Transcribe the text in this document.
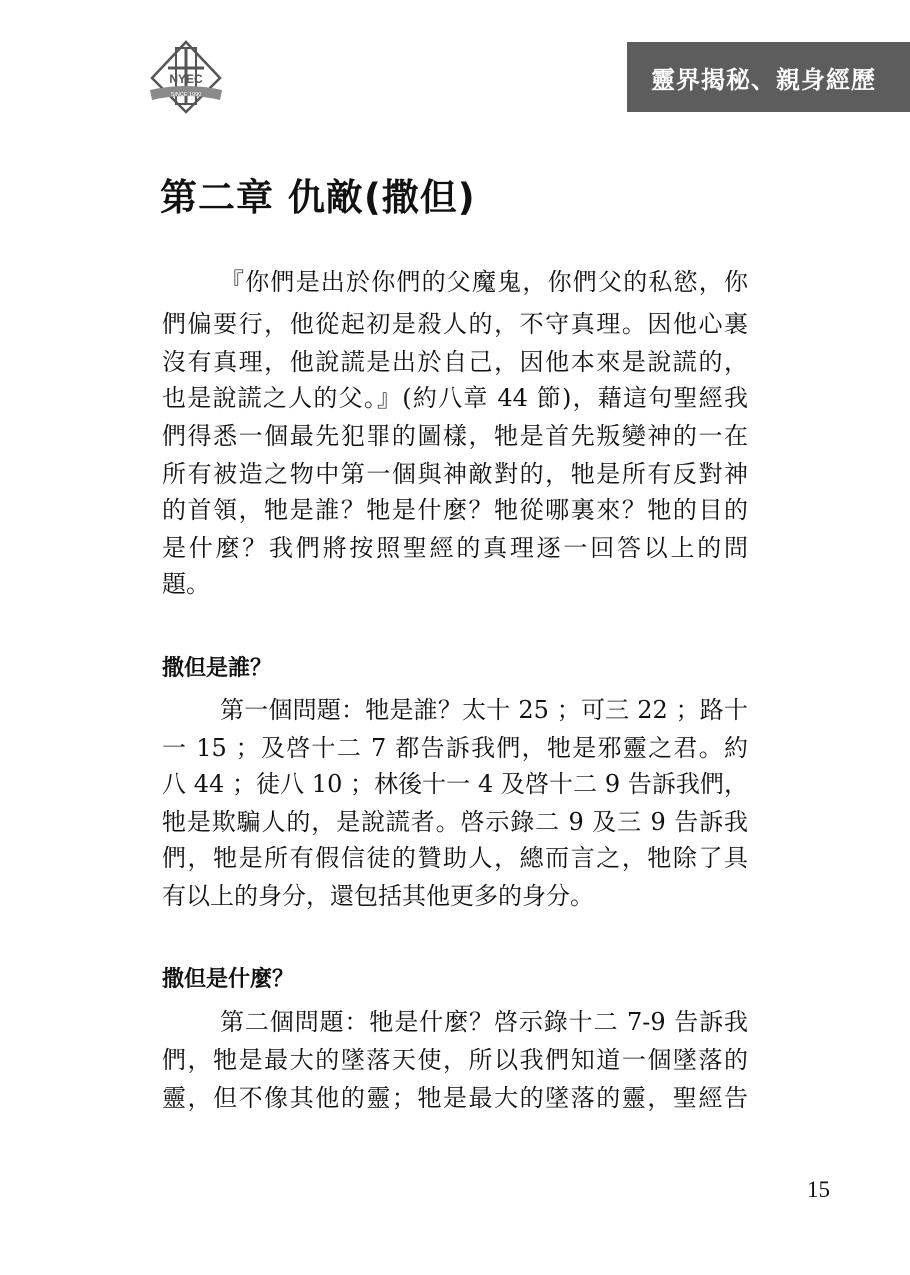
NYEC
SINCE 1990
靈界揭秘、親身經歷
第二章 仇敵(撒但)
『你們是出於你們的父魔鬼，你們父的私慾，你
們偏要行，他從起初是殺人的，不守真理。因他心裏
沒有真理，他說謊是出於自己，因他本來是說謊的，
也是說謊之人的父。』(約八章 44 節)，藉這句聖經我
們得悉一個最先犯罪的圖樣，牠是首先叛變神的一在
所有被造之物中第一個與神敵對的，牠是所有反對神
的首領，牠是誰？牠是什麼？牠從哪裏來？牠的目的
是什麼？我們將按照聖經的真理逐一回答以上的問
題。
撒但是誰？
第一個問題：牠是誰？太十 25 ；可三 22 ；路十
一 15 ；及啓十二 7 都告訴我們，牠是邪靈之君。約
八 44 ；徒八 10 ；林後十一 4 及啓十二 9 告訴我們，
牠是欺騙人的，是說謊者。啓示錄二 9 及三 9 告訴我
們，牠是所有假信徒的贊助人，總而言之，牠除了具
有以上的身分，還包括其他更多的身分。
撒但是什麼？
第二個問題：牠是什麼？啓示錄十二 7-9 告訴我
們，牠是最大的墜落天使，所以我們知道一個墜落的
靈，但不像其他的靈；牠是最大的墜落的靈，聖經告
15
